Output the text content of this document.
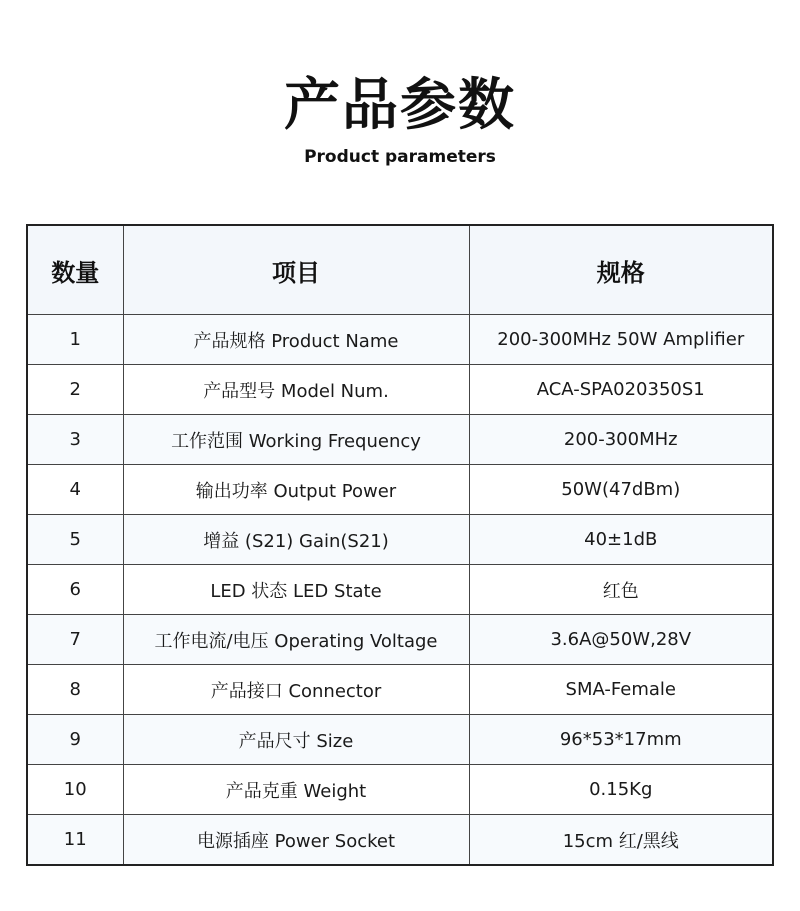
产品参数
Product parameters
数量	项目	规格
1	产品规格 Product Name	200-300MHz 50W Amplifier
2	产品型号 Model Num.	ACA-SPA020350S1
3	工作范围 Working Frequency	200-300MHz
4	输出功率 Output Power	50W(47dBm)
5	增益 (S21) Gain(S21)	40±1dB
6	LED 状态 LED State	红色
7	工作电流/电压 Operating Voltage	3.6A@50W,28V
8	产品接口 Connector	SMA-Female
9	产品尺寸 Size	96*53*17mm
10	产品克重 Weight	0.15Kg
11	电源插座 Power Socket	15cm 红/黑线
